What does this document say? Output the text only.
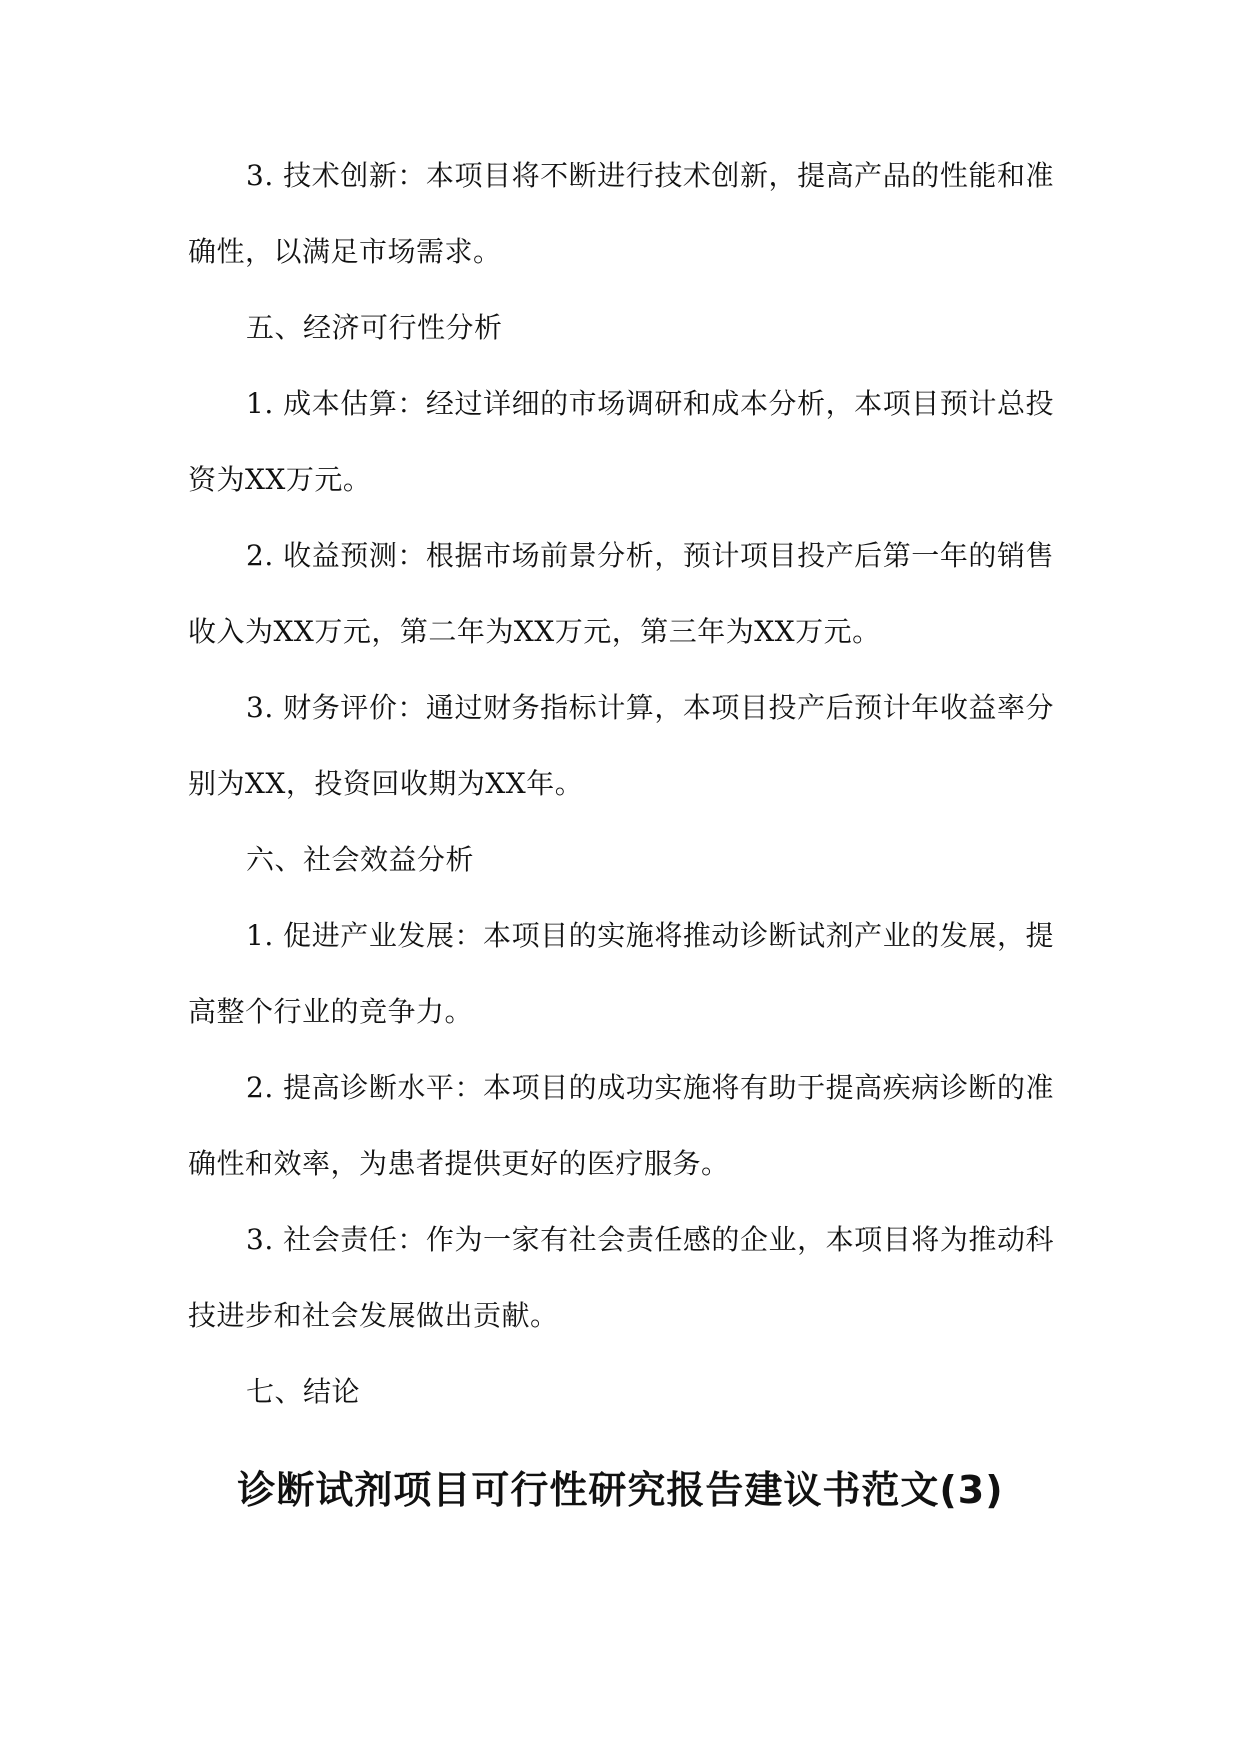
3. 技术创新：本项目将不断进行技术创新，提高产品的性能和准确性，以满足市场需求。

五、经济可行性分析

1. 成本估算：经过详细的市场调研和成本分析，本项目预计总投资为XX万元。

2. 收益预测：根据市场前景分析，预计项目投产后第一年的销售收入为XX万元，第二年为XX万元，第三年为XX万元。

3. 财务评价：通过财务指标计算，本项目投产后预计年收益率分别为XX，投资回收期为XX年。

六、社会效益分析

1. 促进产业发展：本项目的实施将推动诊断试剂产业的发展，提高整个行业的竞争力。

2. 提高诊断水平：本项目的成功实施将有助于提高疾病诊断的准确性和效率，为患者提供更好的医疗服务。

3. 社会责任：作为一家有社会责任感的企业，本项目将为推动科技进步和社会发展做出贡献。

七、结论

诊断试剂项目可行性研究报告建议书范文(3)
